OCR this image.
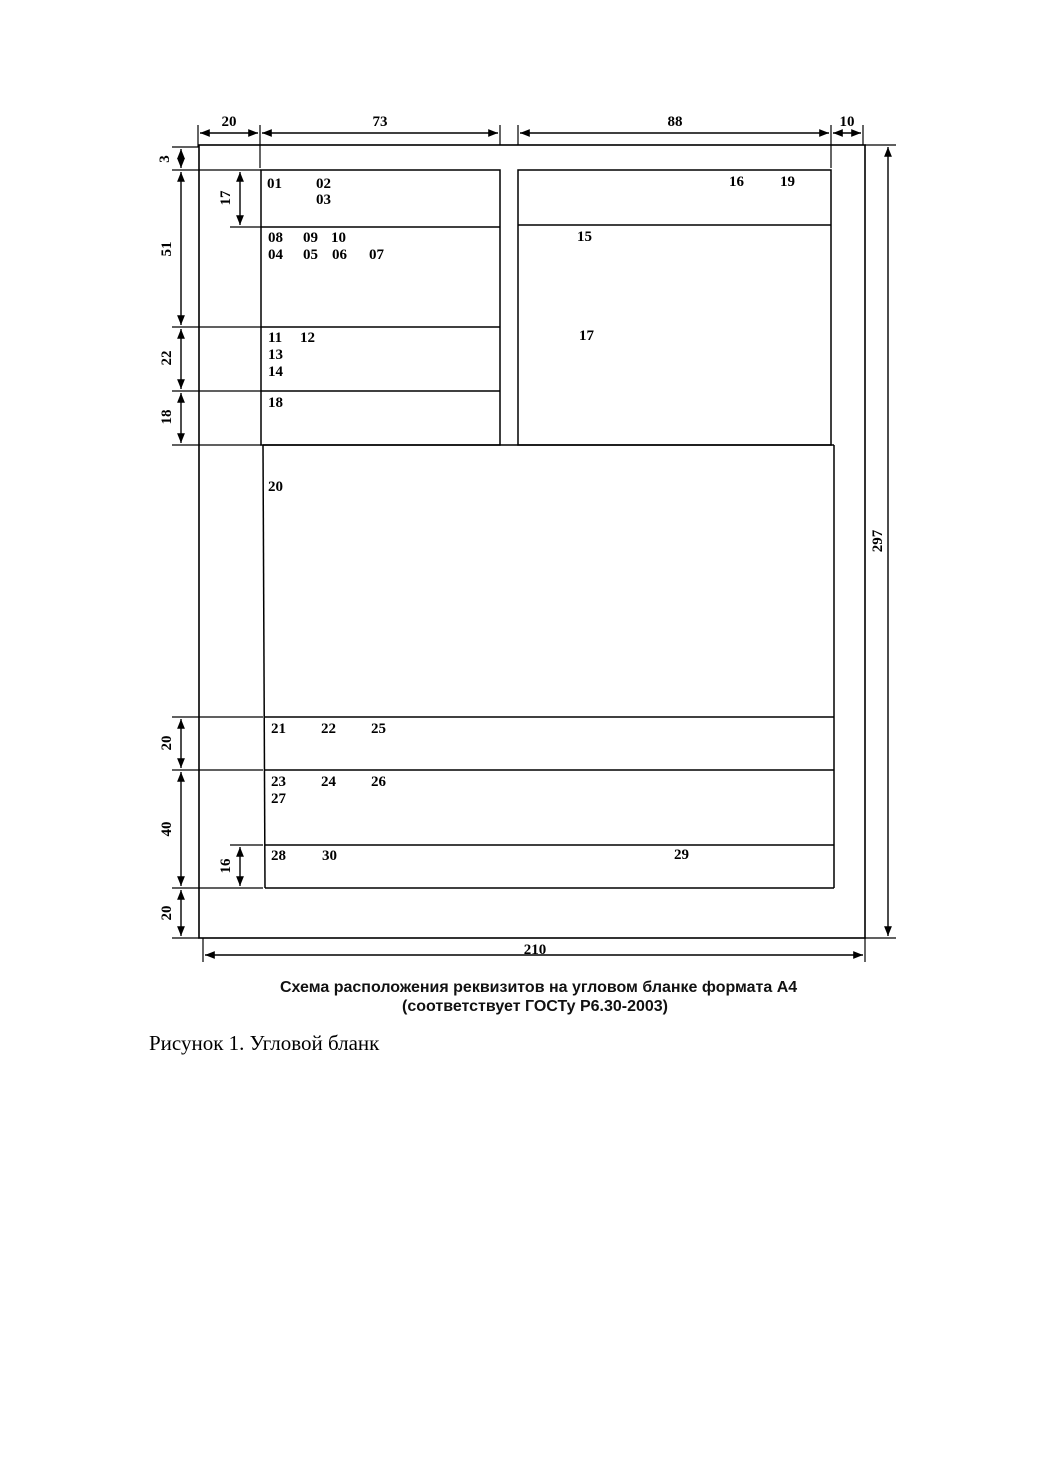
20	73	88	10
3
51
22
18
20
40
20
17
16
297
210
01 02
03
08 09 10
04 05 06 07
11 12
13
14
18
16 19
15
17
20
21 22 25
23 24 26
27
28 30	29
Схема расположения реквизитов на угловом бланке формата А4
(соответствует ГОСТу Р6.30-2003)
Рисунок 1. Угловой бланк
